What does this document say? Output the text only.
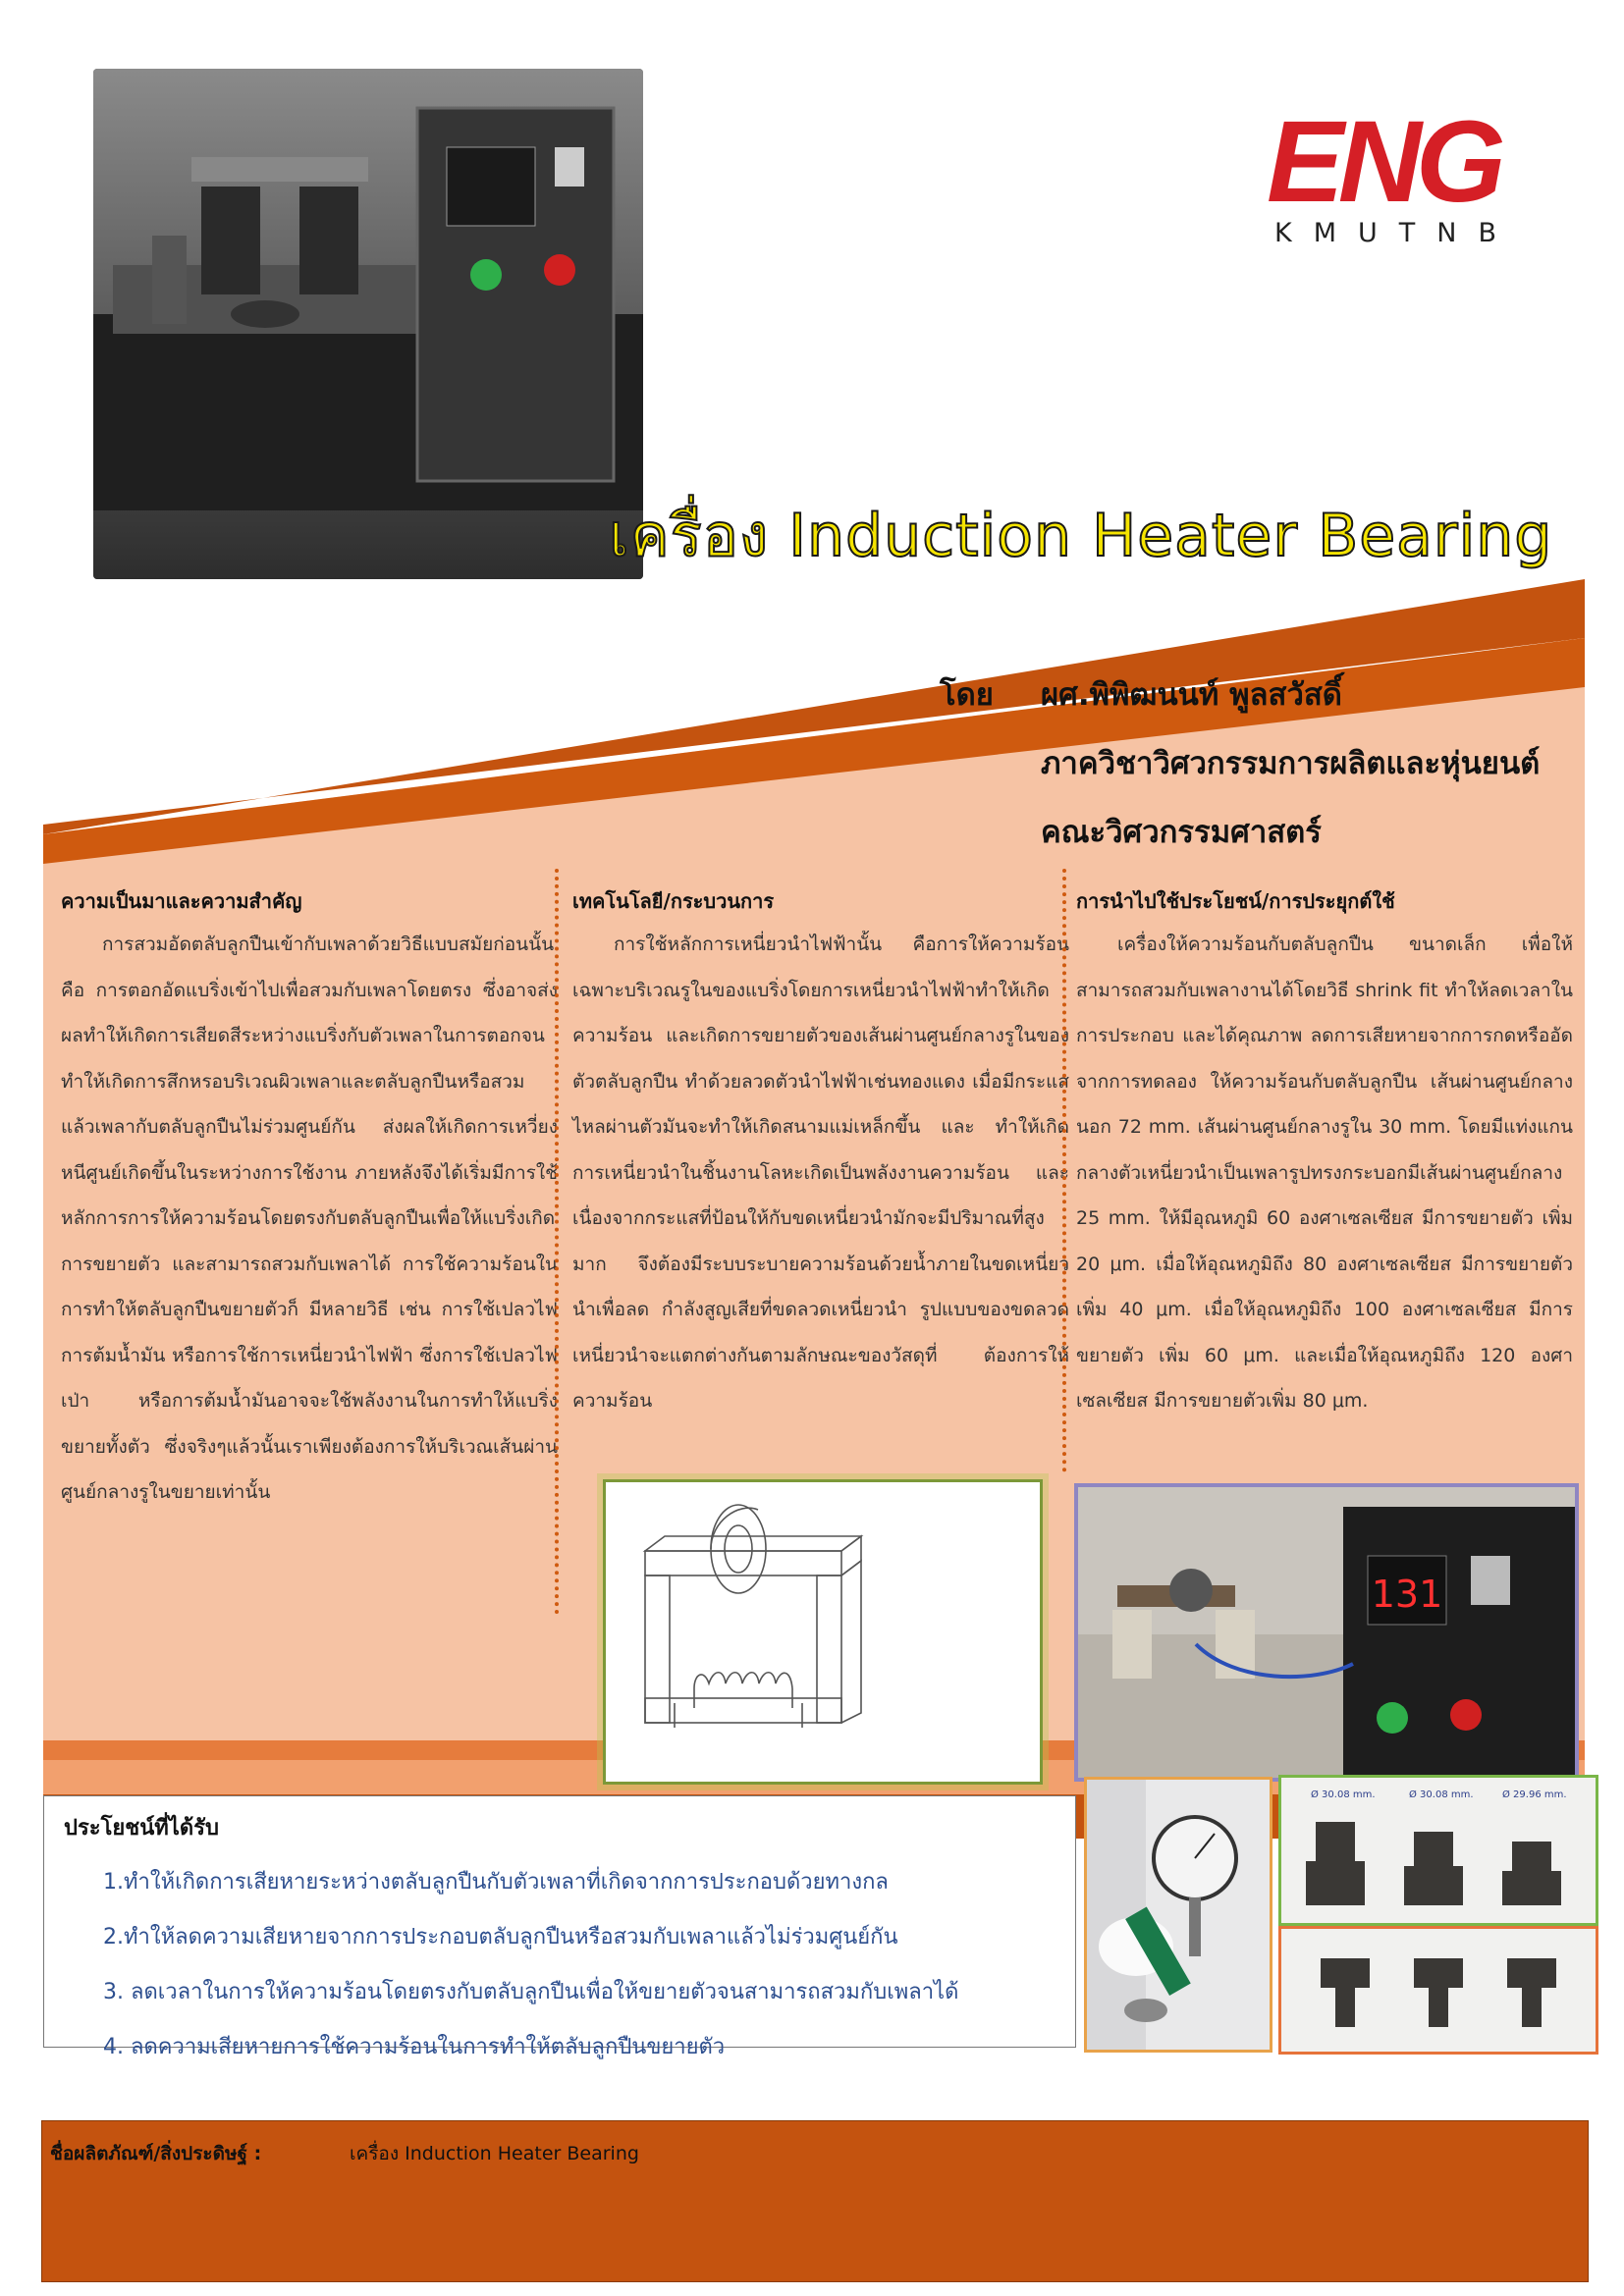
ENG
KMUTNB
เครื่อง Induction Heater Bearing
โดย ผศ.พิพิฒนนท์ พูลสวัสดิ์
ภาควิชาวิศวกรรมการผลิตและหุ่นยนต์
คณะวิศวกรรมศาสตร์
ความเป็นมาและความสำคัญ

การสวมอัดตลับลูกปืนเข้ากับเพลาด้วยวิธีแบบสมัยก่อนนั้นคือ การตอกอัดแบริ่งเข้าไปเพื่อสวมกับเพลาโดยตรง ซึ่งอาจส่งผลทำให้เกิดการเสียดสีระหว่างแบริ่งกับตัวเพลาในการตอกจนทำให้เกิดการสึกหรอบริเวณผิวเพลาและตลับลูกปืนหรือสวมแล้วเพลากับตลับลูกปืนไม่ร่วมศูนย์กัน ส่งผลให้เกิดการเหวี่ยงหนีศูนย์เกิดขึ้นในระหว่างการใช้งาน ภายหลังจึงได้เริ่มมีการใช้หลักการการให้ความร้อนโดยตรงกับตลับลูกปืนเพื่อให้แบริ่งเกิดการขยายตัว และสามารถสวมกับเพลาได้ การใช้ความร้อนในการทำให้ตลับลูกปืนขยายตัวก็ มีหลายวิธี เช่น การใช้เปลวไฟ การต้มน้ำมัน หรือการใช้การเหนี่ยวนำไฟฟ้า ซึ่งการใช้เปลวไฟเป่า หรือการต้มน้ำมันอาจจะใช้พลังงานในการทำให้แบริ่งขยายทั้งตัว ซึ่งจริงๆแล้วนั้นเราเพียงต้องการให้บริเวณเส้นผ่านศูนย์กลางรูในขยายเท่านั้น

เทคโนโลยี/กระบวนการ

การใช้หลักการเหนี่ยวนำไฟฟ้านั้น คือการให้ความร้อนเฉพาะบริเวณรูในของแบริ่งโดยการเหนี่ยวนำไฟฟ้าทำให้เกิดความร้อน และเกิดการขยายตัวของเส้นผ่านศูนย์กลางรูในของตัวตลับลูกปืน ทำด้วยลวดตัวนำไฟฟ้าเช่นทองแดง เมื่อมีกระแสไหลผ่านตัวมันจะทำให้เกิดสนามแม่เหล็กขึ้น และ ทำให้เกิดการเหนี่ยวนำในชิ้นงานโลหะเกิดเป็นพลังงานความร้อน และเนื่องจากกระแสที่ป้อนให้กับขดเหนี่ยวนำมักจะมีปริมาณที่สูงมาก จึงต้องมีระบบระบายความร้อนด้วยน้ำภายในขดเหนี่ยว นำเพื่อลด กำลังสูญเสียที่ขดลวดเหนี่ยวนำ รูปแบบของขดลวดเหนี่ยวนำจะแตกต่างกันตามลักษณะของวัสดุที่ ต้องการให้ความร้อน

การนำไปใช้ประโยชน์/การประยุกต์ใช้

เครื่องให้ความร้อนกับตลับลูกปืน ขนาดเล็ก เพื่อให้สามารถสวมกับเพลางานได้โดยวิธี shrink fit ทำให้ลดเวลาในการประกอบ และได้คุณภาพ ลดการเสียหายจากการกดหรืออัด จากการทดลอง ให้ความร้อนกับตลับลูกปืน เส้นผ่านศูนย์กลางนอก 72 mm. เส้นผ่านศูนย์กลางรูใน 30 mm. โดยมีแท่งแกนกลางตัวเหนี่ยวนำเป็นเพลารูปทรงกระบอกมีเส้นผ่านศูนย์กลาง 25 mm. ให้มีอุณหภูมิ 60 องศาเซลเซียส มีการขยายตัว เพิ่ม 20 μm. เมื่อให้อุณหภูมิถึง 80 องศาเซลเซียส มีการขยายตัวเพิ่ม 40 μm. เมื่อให้อุณหภูมิถึง 100 องศาเซลเซียส มีการขยายตัว เพิ่ม 60 μm. และเมื่อให้อุณหภูมิถึง 120 องศาเซลเซียส มีการขยายตัวเพิ่ม 80 μm.

131
Ø 30.08 mm.	Ø 30.08 mm.	Ø 29.96 mm.
ประโยชน์ที่ได้รับ
1.ทำให้เกิดการเสียหายระหว่างตลับลูกปืนกับตัวเพลาที่เกิดจากการประกอบด้วยทางกล
2.ทำให้ลดความเสียหายจากการประกอบตลับลูกปืนหรือสวมกับเพลาแล้วไม่ร่วมศูนย์กัน
3. ลดเวลาในการให้ความร้อนโดยตรงกับตลับลูกปืนเพื่อให้ขยายตัวจนสามารถสวมกับเพลาได้
4. ลดความเสียหายการใช้ความร้อนในการทำให้ตลับลูกปืนขยายตัว
ชื่อผลิตภัณฑ์/สิ่งประดิษฐ์ :	เครื่อง Induction Heater Bearing
